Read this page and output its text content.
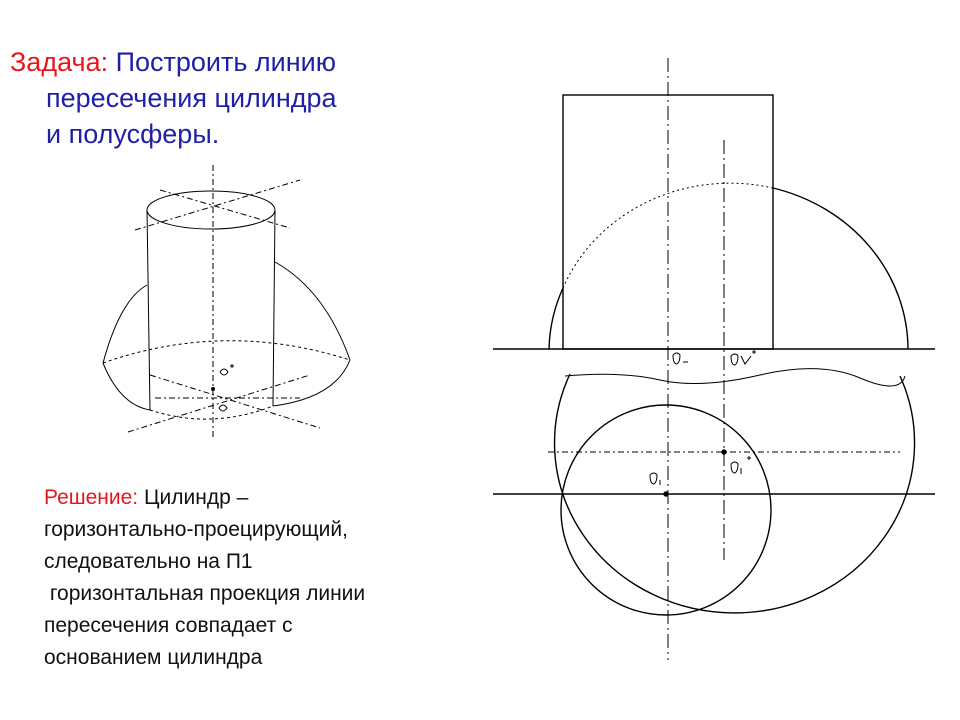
Задача: Построить линию
пересечения цилиндра
и полусферы.
Решение: Цилиндр –
горизонтально-проецирующий,
следовательно на П1
горизонтальная проекция линии
пересечения совпадает с
основанием цилиндра
